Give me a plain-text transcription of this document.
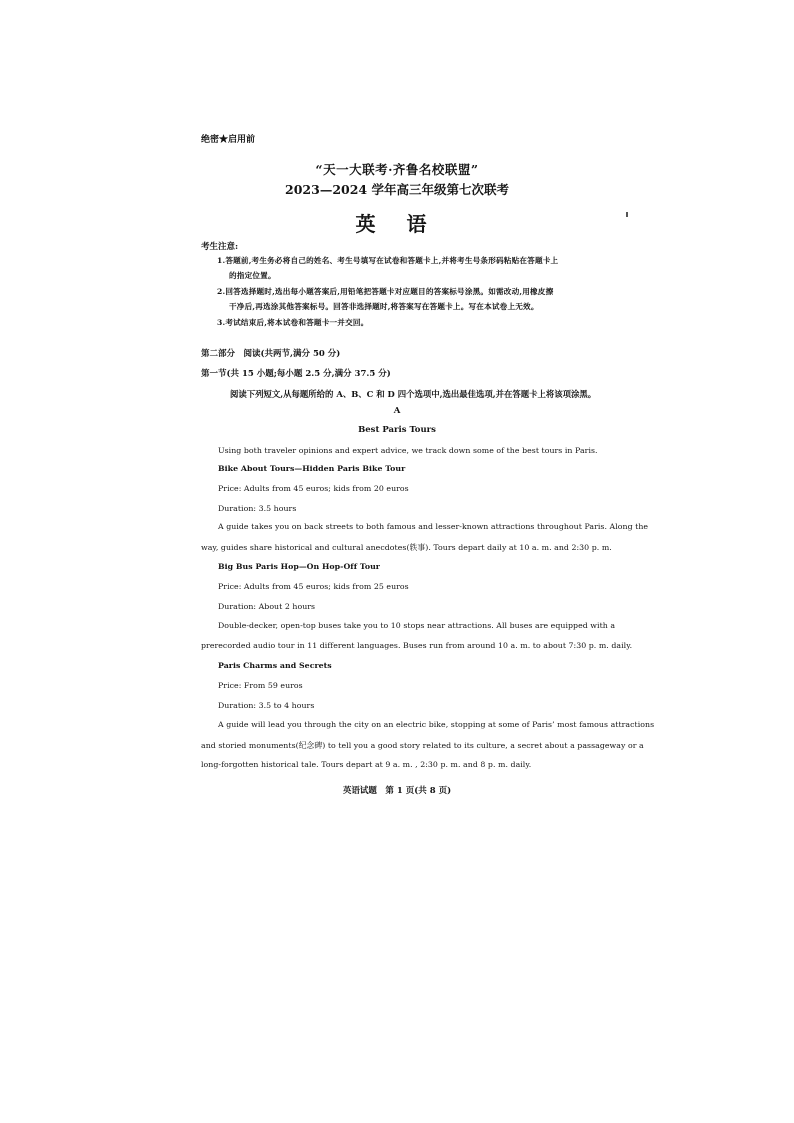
绝密★启用前
“天一大联考·齐鲁名校联盟”
2023—2024 学年高三年级第七次联考
英 语
考生注意:
1.答题前,考生务必将自己的姓名、考生号填写在试卷和答题卡上,并将考生号条形码粘贴在答题卡上
的指定位置。
2.回答选择题时,选出每小题答案后,用铅笔把答题卡对应题目的答案标号涂黑。如需改动,用橡皮擦
干净后,再选涂其他答案标号。回答非选择题时,将答案写在答题卡上。写在本试卷上无效。
3.考试结束后,将本试卷和答题卡一并交回。
第二部分　阅读(共两节,满分 50 分)
第一节(共 15 小题;每小题 2.5 分,满分 37.5 分)
阅读下列短文,从每题所给的 A、B、C 和 D 四个选项中,选出最佳选项,并在答题卡上将该项涂黑。
A
Best Paris Tours
Using both traveler opinions and expert advice, we track down some of the best tours in Paris.
Bike About Tours—Hidden Paris Bike Tour
Price: Adults from 45 euros; kids from 20 euros
Duration: 3.5 hours
A guide takes you on back streets to both famous and lesser-known attractions throughout Paris. Along the
way, guides share historical and cultural anecdotes(轶事). Tours depart daily at 10 a. m. and 2:30 p. m.
Big Bus Paris Hop—On Hop-Off Tour
Price: Adults from 45 euros; kids from 25 euros
Duration: About 2 hours
Double-decker, open-top buses take you to 10 stops near attractions. All buses are equipped with a
prerecorded audio tour in 11 different languages. Buses run from around 10 a. m. to about 7:30 p. m. daily.
Paris Charms and Secrets
Price: From 59 euros
Duration: 3.5 to 4 hours
A guide will lead you through the city on an electric bike, stopping at some of Paris’ most famous attractions
and storied monuments(纪念碑) to tell you a good story related to its culture, a secret about a passageway or a
long-forgotten historical tale. Tours depart at 9 a. m. , 2:30 p. m. and 8 p. m. daily.
英语试题　第 1 页(共 8 页)
